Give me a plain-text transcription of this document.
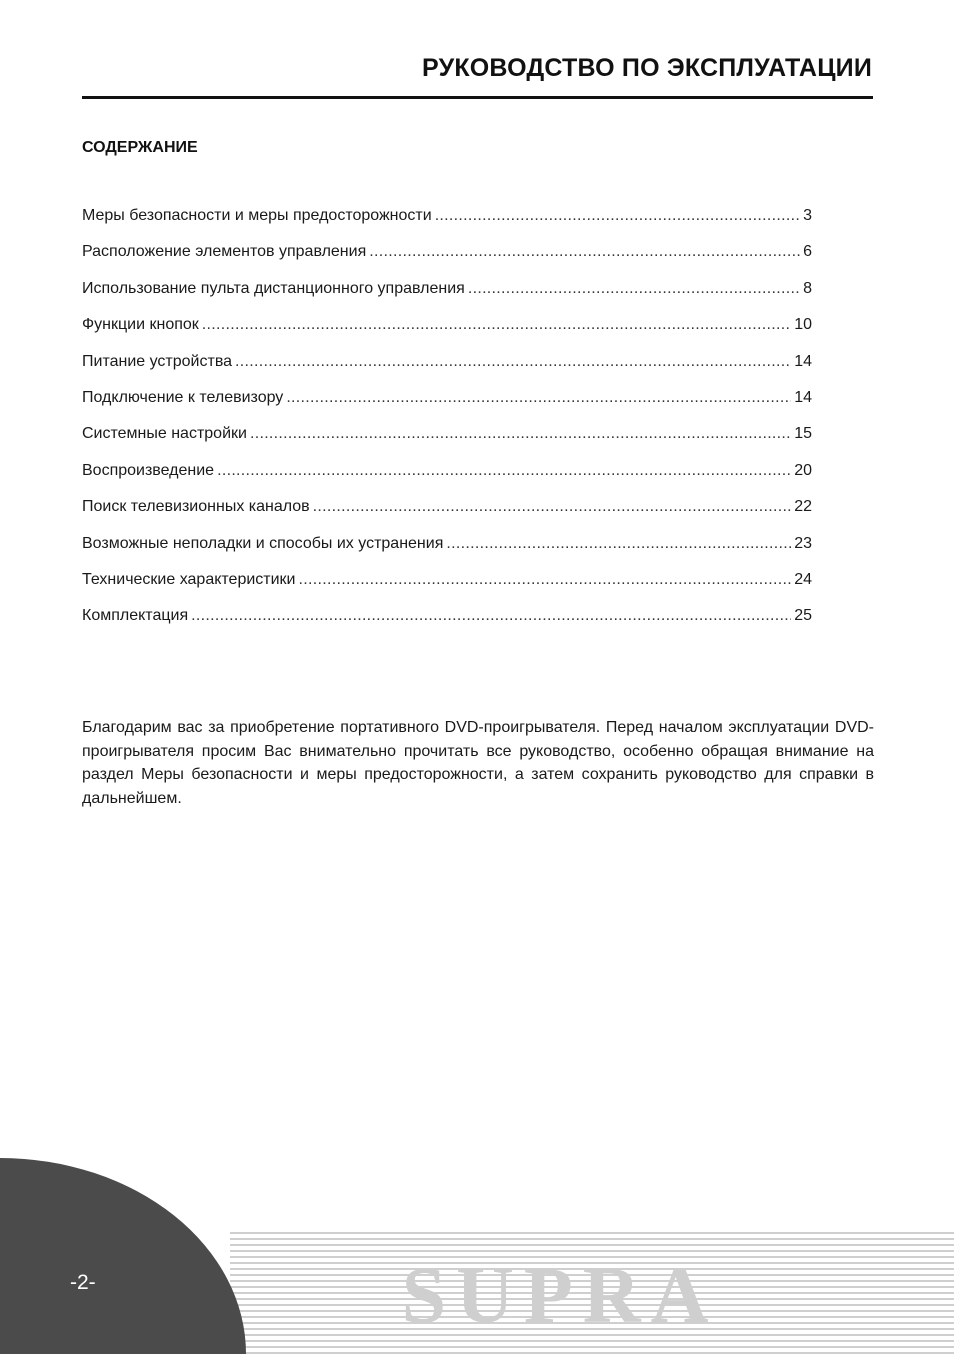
РУКОВОДСТВО ПО ЭКСПЛУАТАЦИИ
СОДЕРЖАНИЕ
Меры безопасности и меры предосторожности .....	3
Расположение элементов управления .....	6
Использование пульта дистанционного управления .....	8
Функции кнопок .....	10
Питание устройства .....	14
Подключение к телевизору .....	14
Системные настройки .....	15
Воспроизведение .....	20
Поиск телевизионных каналов .....	22
Возможные неполадки и способы их устранения .....	23
Технические характеристики .....	24
Комплектация .....	25

Благодарим вас за приобретение портативного DVD-проигрывателя. Перед началом эксплуатации DVD-проигрывателя просим Вас внимательно прочитать все руководство, особенно обращая внимание на раздел Меры безопасности и меры предосторожности, а затем сохранить руководство для справки в дальнейшем.

SUPRA
-2-
